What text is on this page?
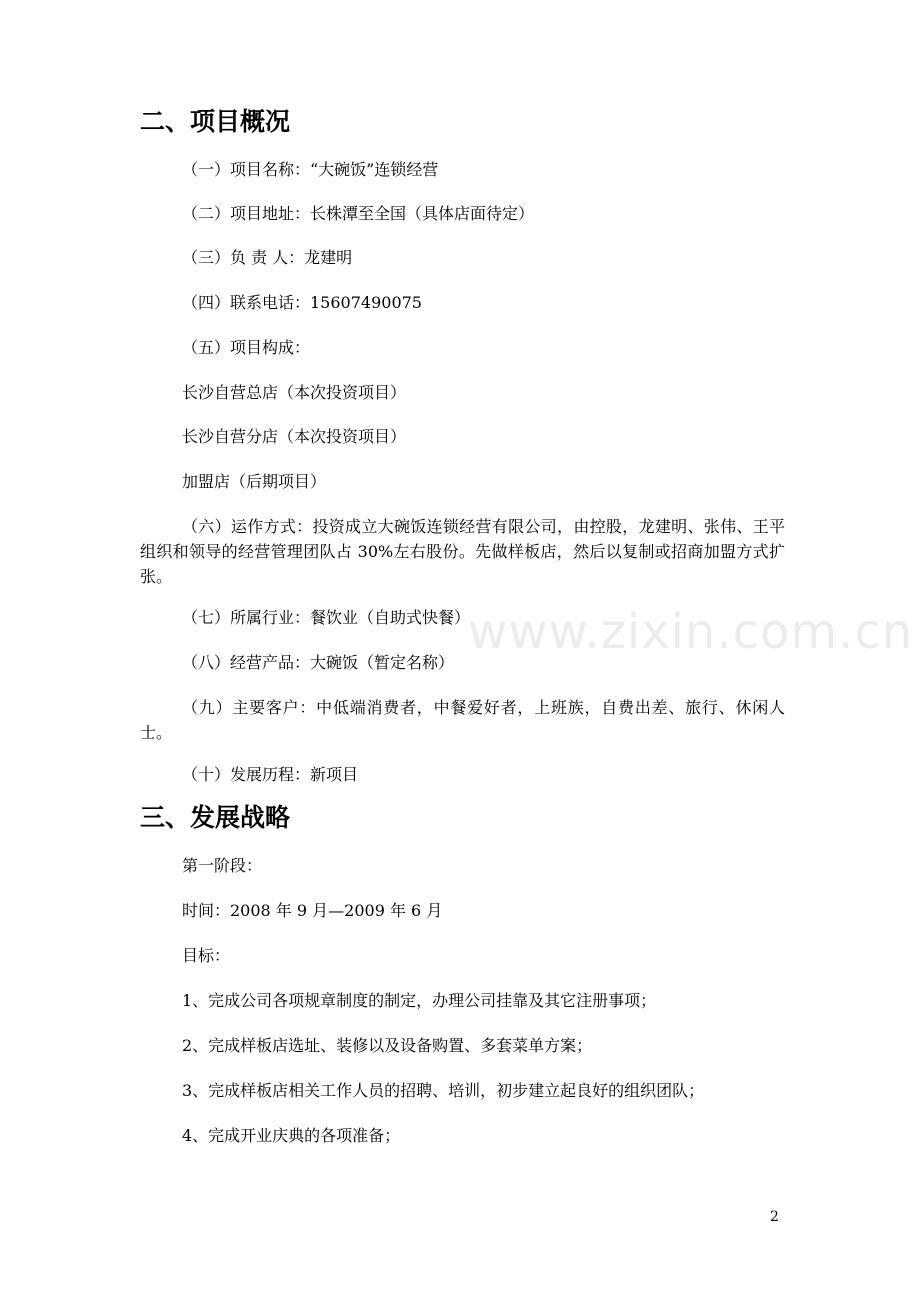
www.zixin.com.cn

二、项目概况

（一）项目名称：“大碗饭”连锁经营

（二）项目地址：长株潭至全国（具体店面待定）

（三）负 责 人：龙建明

（四）联系电话：15607490075

（五）项目构成：

长沙自营总店（本次投资项目）

长沙自营分店（本次投资项目）

加盟店（后期项目）

（六）运作方式：投资成立大碗饭连锁经营有限公司，由控股，龙建明、张伟、王平组织和领导的经营管理团队占 30%左右股份。先做样板店，然后以复制或招商加盟方式扩张。

（七）所属行业：餐饮业（自助式快餐）

（八）经营产品：大碗饭（暂定名称）

（九）主要客户：中低端消费者，中餐爱好者，上班族，自费出差、旅行、休闲人士。

（十）发展历程：新项目

三、发展战略

第一阶段：

时间：2008 年 9 月—2009 年 6 月

目标：

1、完成公司各项规章制度的制定，办理公司挂靠及其它注册事项；

2、完成样板店选址、装修以及设备购置、多套菜单方案；

3、完成样板店相关工作人员的招聘、培训，初步建立起良好的组织团队；

4、完成开业庆典的各项准备；

2
